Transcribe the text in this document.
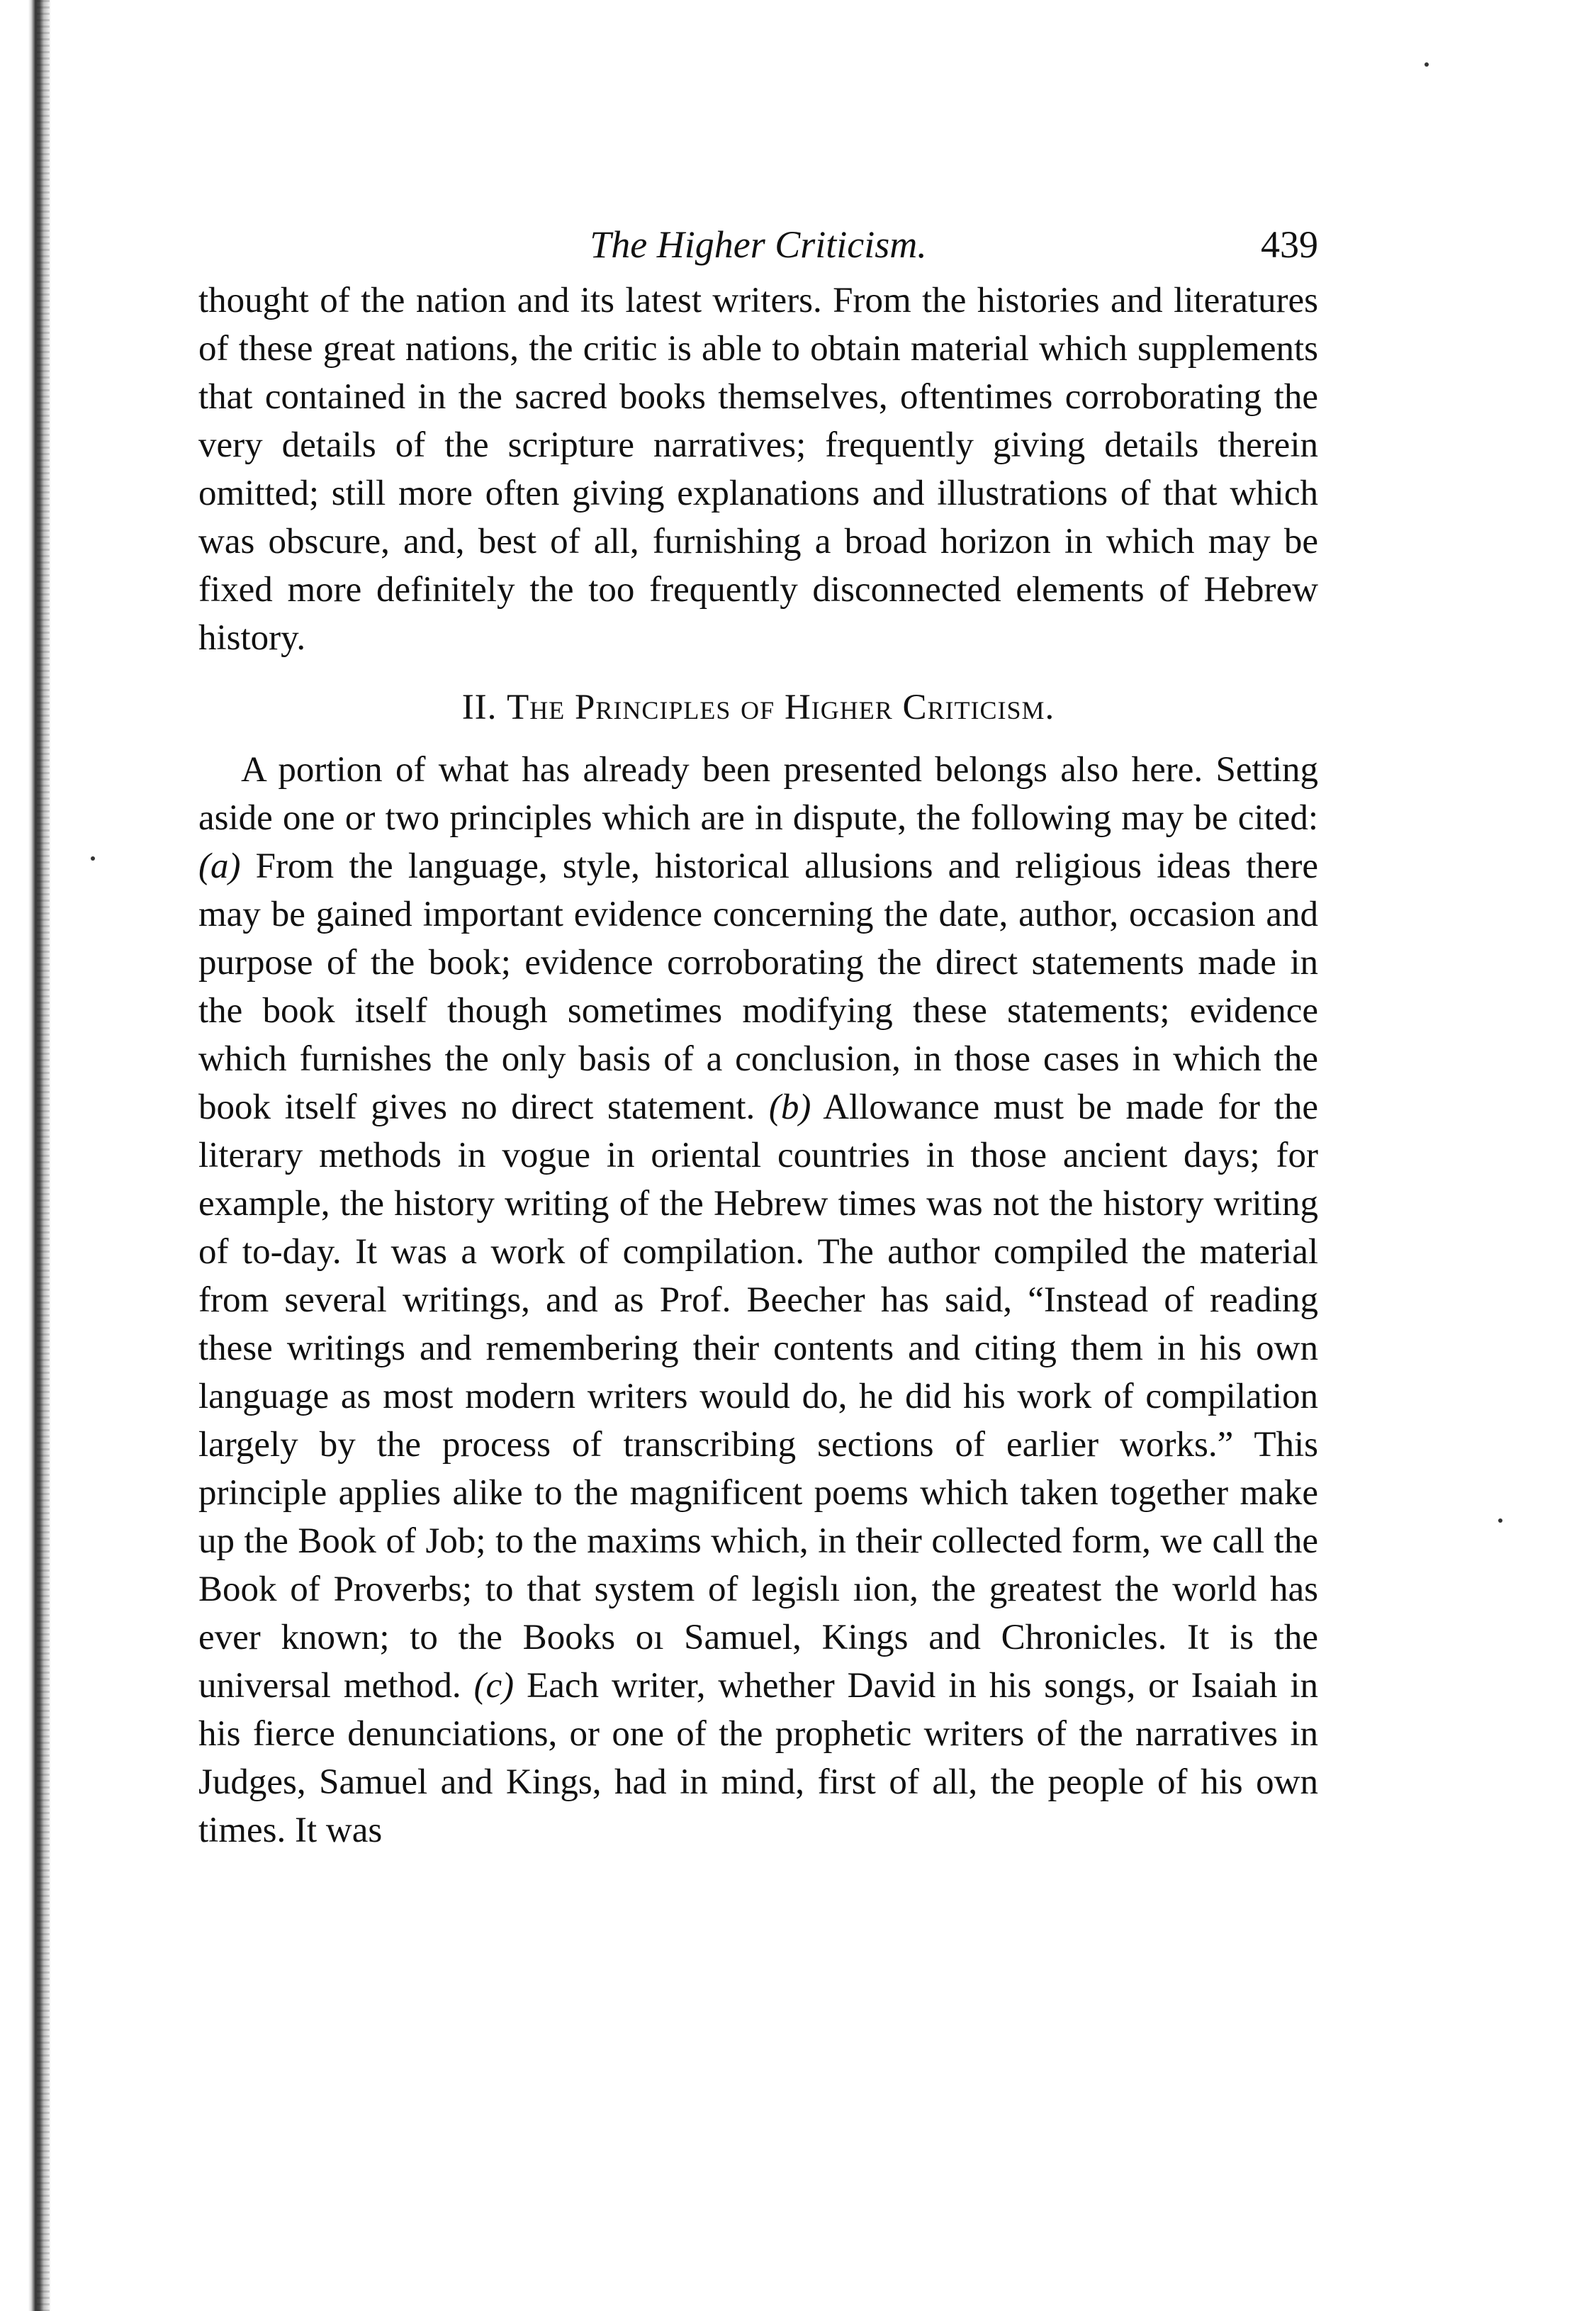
The Higher Criticism.	439

thought of the nation and its latest writers. From the histories and literatures of these great nations, the critic is able to obtain material which supplements that contained in the sacred books themselves, oftentimes corroborating the very details of the scripture narratives; frequently giving details therein omitted; still more often giving explanations and illustrations of that which was obscure, and, best of all, furnishing a broad horizon in which may be fixed more definitely the too frequently disconnected elements of Hebrew history.

II. The Principles of Higher Criticism.

A portion of what has already been presented belongs also here. Setting aside one or two principles which are in dispute, the following may be cited: (a) From the language, style, historical allusions and religious ideas there may be gained important evidence concerning the date, author, occasion and purpose of the book; evidence corroborating the direct statements made in the book itself though sometimes modifying these statements; evidence which furnishes the only basis of a conclusion, in those cases in which the book itself gives no direct statement. (b) Allowance must be made for the literary methods in vogue in oriental countries in those ancient days; for example, the history writing of the Hebrew times was not the history writing of to-day. It was a work of compilation. The author compiled the material from several writings, and as Prof. Beecher has said, “Instead of reading these writings and remembering their contents and citing them in his own language as most modern writers would do, he did his work of compilation largely by the process of transcribing sections of earlier works.” This principle applies alike to the magnificent poems which taken together make up the Book of Job; to the maxims which, in their collected form, we call the Book of Proverbs; to that system of legislı ıion, the greatest the world has ever known; to the Books oı Samuel, Kings and Chronicles. It is the universal method. (c) Each writer, whether David in his songs, or Isaiah in his fierce denunciations, or one of the prophetic writers of the narratives in Judges, Samuel and Kings, had in mind, first of all, the people of his own times. It was
